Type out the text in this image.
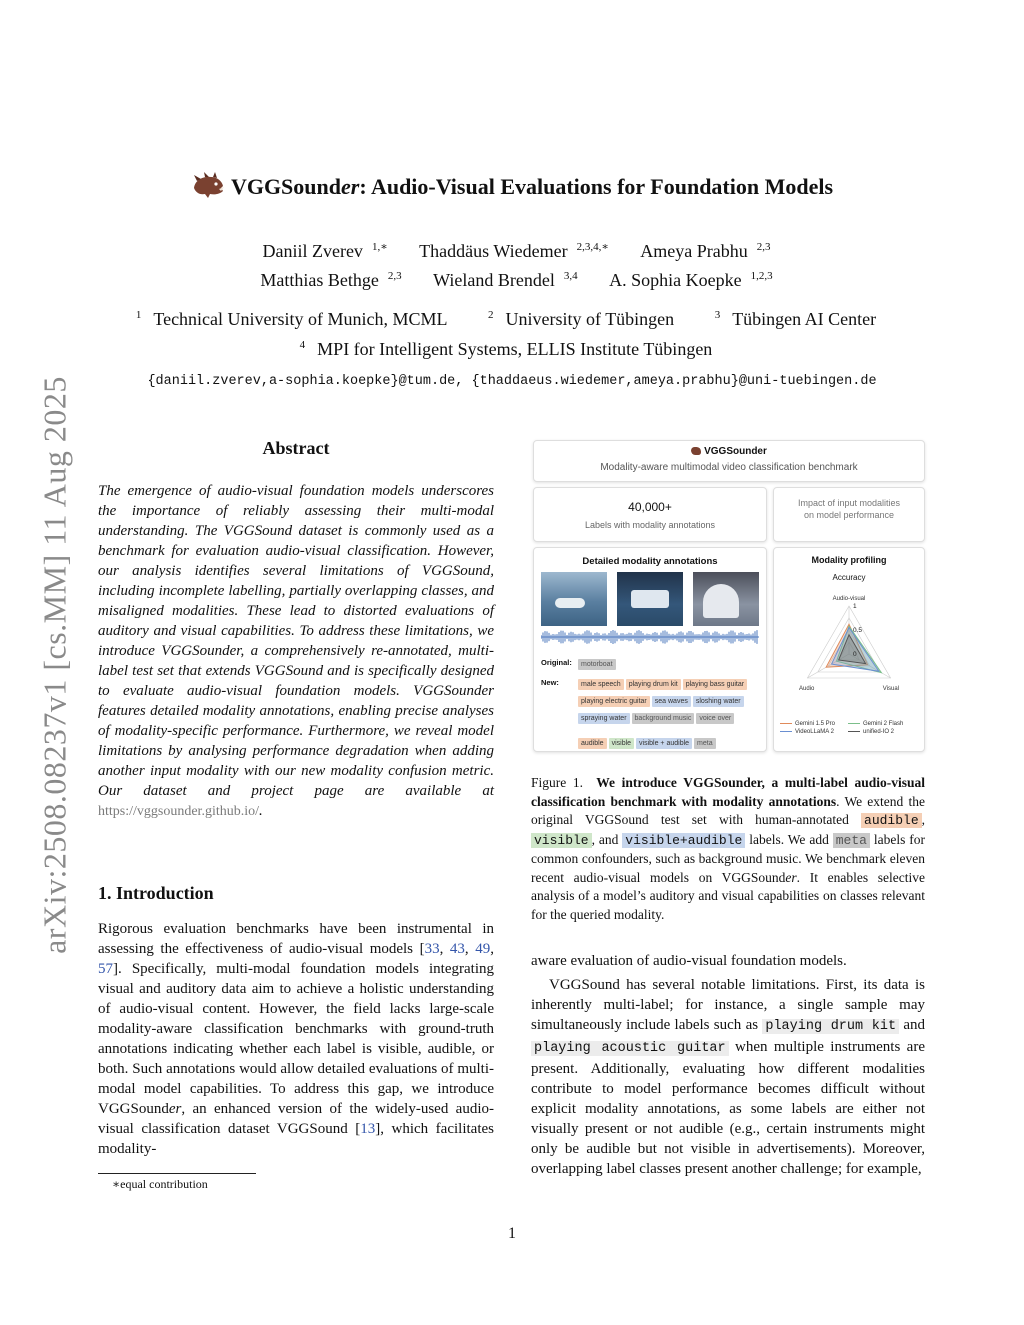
arXiv:2508.08237v1 [cs.MM] 11 Aug 2025
VGGSounder: Audio-Visual Evaluations for Foundation Models
Daniil Zverev $^{1,∗}$ Thaddäus Wiedemer $^{2,3,4,∗}$ Ameya Prabhu $^{2,3}$
Matthias Bethge $^{2,3}$ Wieland Brendel $^{3,4}$ A. Sophia Koepke $^{1,2,3}$
$^1$ Technical University of Munich, MCML	$^2$ University of Tübingen	$^3$ Tübingen AI Center
$^4$ MPI for Intelligent Systems, ELLIS Institute Tübingen
{daniil.zverev,a-sophia.koepke}@tum.de, {thaddaeus.wiedemer,ameya.prabhu}@uni-tuebingen.de
Abstract

The emergence of audio-visual foundation models underscores the importance of reliably assessing their multi-modal understanding. The VGGSound dataset is commonly used as a benchmark for evaluation audio-visual classification. However, our analysis identifies several limitations of VGGSound, including incomplete labelling, partially overlapping classes, and misaligned modalities. These lead to distorted evaluations of auditory and visual capabilities. To address these limitations, we introduce VGGSounder, a comprehensively re-annotated, multi-label test set that extends VGGSound and is specifically designed to evaluate audio-visual foundation models. VGGSounder features detailed modality annotations, enabling precise analyses of modality-specific performance. Furthermore, we reveal model limitations by analysing performance degradation when adding another input modality with our new modality confusion metric. Our dataset and project page are available at https://vggsounder.github.io/.

1. Introduction

Rigorous evaluation benchmarks have been instrumental in assessing the effectiveness of audio-visual models [33, 43, 49, 57]. Specifically, multi-modal foundation models integrating visual and auditory data aim to achieve a holistic understanding of audio-visual content. However, the field lacks large-scale modality-aware classification benchmarks with ground-truth annotations indicating whether each label is visible, audible, or both. Such annotations would allow detailed evaluations of multi-modal model capabilities. To address this gap, we introduce VGGSounder, an enhanced version of the widely-used audio-visual classification dataset VGGSound [13], which facilitates modality-

∗equal contribution
1
VGGSounder
Modality-aware multimodal video classification benchmark
40,000+
Labels with modality annotations
Impact of input modalities on model performance
Detailed modality annotations
Original:	motorboat
New:	male speech playing drum kit playing bass guitarplaying electric guitar sea waves sloshing waterspraying water background music voice over
audible visible visible + audible meta
Modality profiling
Accuracy
Audio-visual
Audio	Visual
1
0.5
0
Gemini 1.5 Pro	Gemini 2 FlashVideoLLaMA 2	unified-IO 2
Figure 1. We introduce VGGSounder, a multi-label audio-visual classification benchmark with modality annotations. We extend the original VGGSound test set with human-annotated audible , visible , and visible+audible labels. We add meta labels for common confounders, such as background music. We benchmark eleven recent audio-visual models on VGGSounder. It enables selective analysis of a model’s auditory and visual capabilities on classes relevant for the queried modality.

aware evaluation of audio-visual foundation models.

VGGSound has several notable limitations. First, its data is inherently multi-label; for instance, a single sample may simultaneously include labels such as playing drum kit and playing acoustic guitar when multiple instruments are present. Additionally, evaluating how different modalities contribute to model performance becomes difficult without explicit modality annotations, as some labels are either not visually present or not audible (e.g., certain instruments might only be audible but not visible in advertisements). Moreover, overlapping label classes present another challenge; for example,
